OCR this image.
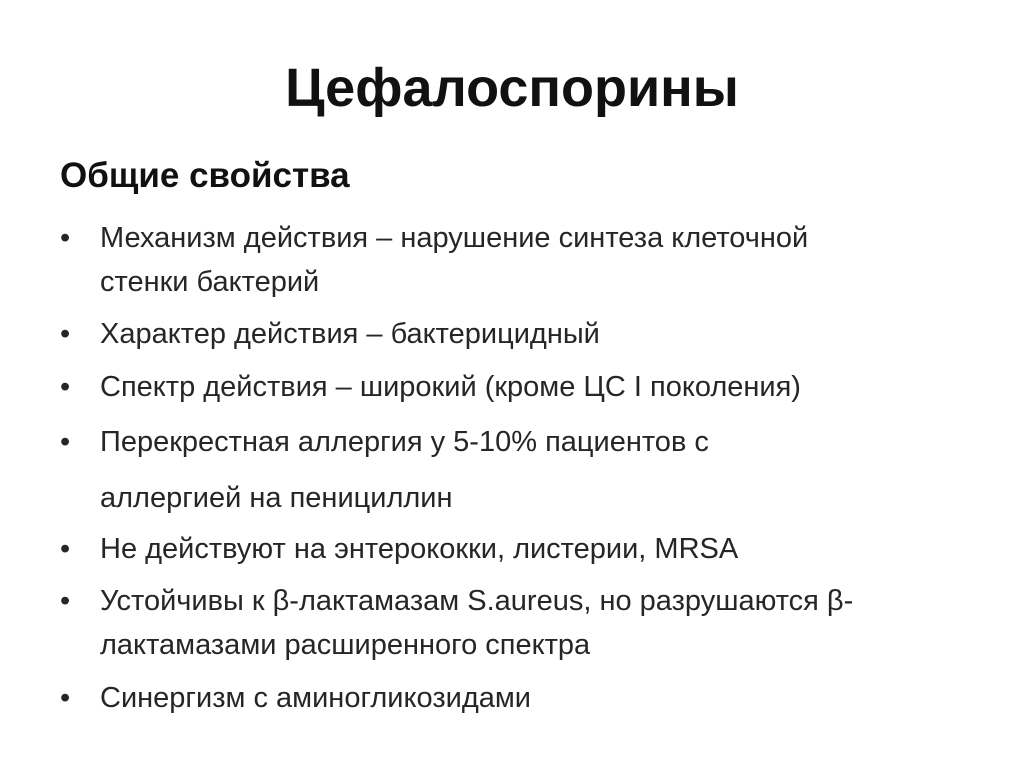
Цефалоспорины
Общие свойства
•	Механизм действия – нарушение синтеза клеточной
стенки бактерий
•	Характер действия – бактерицидный
•	Спектр действия – широкий (кроме ЦС I поколения)
•	Перекрестная аллергия у 5-10% пациентов с
аллергией на пенициллин
•	Не действуют на энтерококки, листерии, MRSA
•	Устойчивы к β-лактамазам S.aureus, но разрушаются β-
лактамазами расширенного спектра
•	Синергизм с аминогликозидами
